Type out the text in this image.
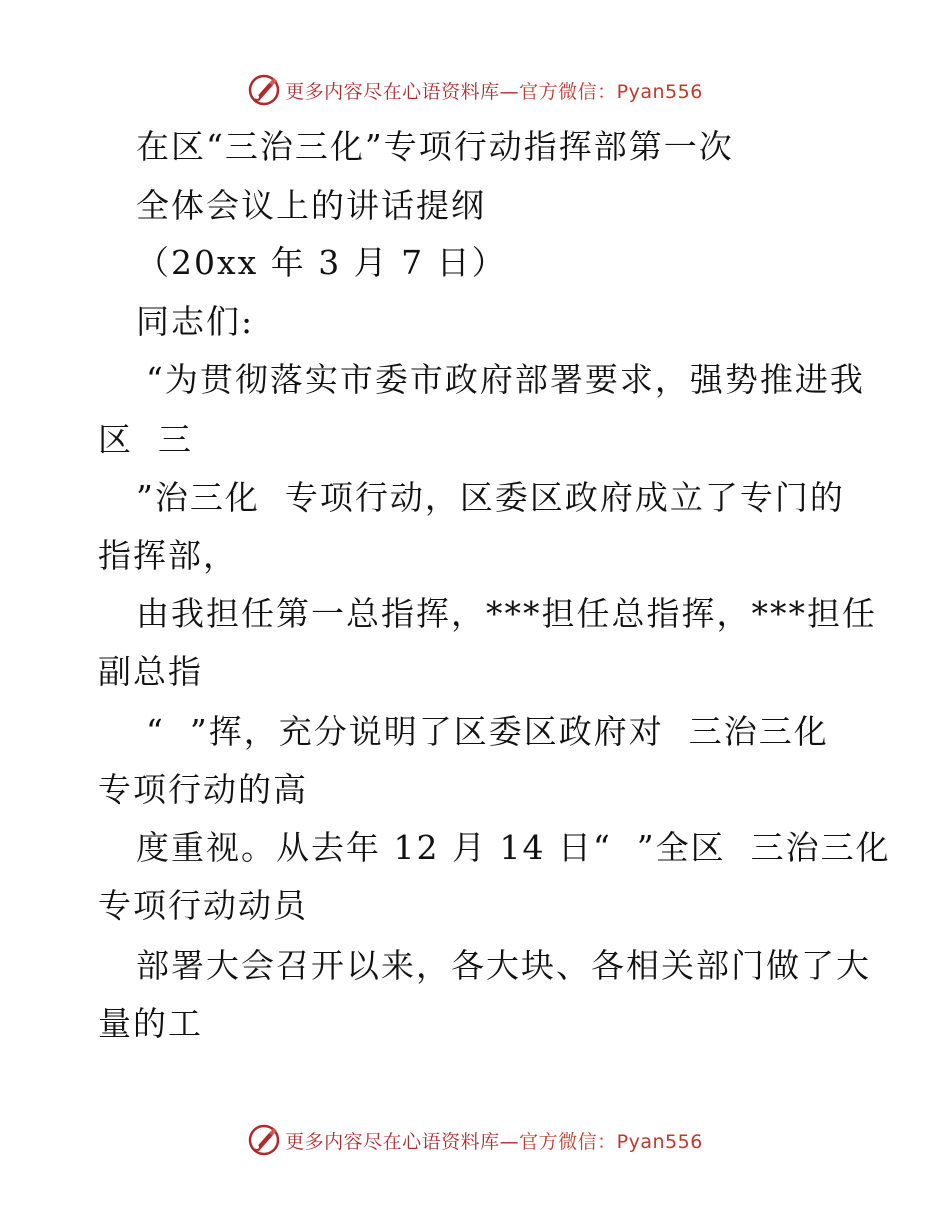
更多内容尽在心语资料库—官方微信：Pyan556
在区“三治三化”专项行动指挥部第一次
全体会议上的讲话提纲
（20xx 年 3 月 7 日）
同志们:
“为贯彻落实市委市政府部署要求，强势推进我
区  三
”治三化  专项行动，区委区政府成立了专门的
指挥部，
由我担任第一总指挥，***担任总指挥，***担任
副总指
“  ”挥，充分说明了区委区政府对  三治三化
专项行动的高
度重视。从去年 12 月 14 日“  ”全区  三治三化
专项行动动员
部署大会召开以来，各大块、各相关部门做了大
量的工
更多内容尽在心语资料库—官方微信：Pyan556
